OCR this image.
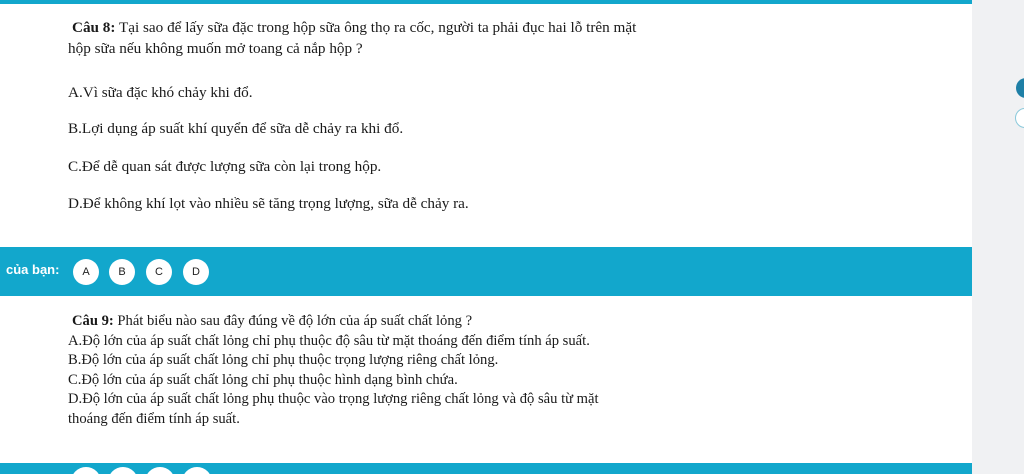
Câu 8: Tại sao để lấy sữa đặc trong hộp sữa ông thọ ra cốc, người ta phải đục hai lỗ trên mặt
hộp sữa nếu không muốn mở toang cả nắp hộp ?
A.Vì sữa đặc khó chảy khi đổ.
B.Lợi dụng áp suất khí quyển để sữa dễ chảy ra khi đổ.
C.Để dễ quan sát được lượng sữa còn lại trong hộp.
D.Để không khí lọt vào nhiều sẽ tăng trọng lượng, sữa dễ chảy ra.
của bạn:	A	B	C	D
Câu 9: Phát biểu nào sau đây đúng về độ lớn của áp suất chất lỏng ?
A.Độ lớn của áp suất chất lỏng chỉ phụ thuộc độ sâu từ mặt thoáng đến điểm tính áp suất.
B.Độ lớn của áp suất chất lỏng chỉ phụ thuộc trọng lượng riêng chất lỏng.
C.Độ lớn của áp suất chất lỏng chỉ phụ thuộc hình dạng bình chứa.
D.Độ lớn của áp suất chất lỏng phụ thuộc vào trọng lượng riêng chất lỏng và độ sâu từ mặt
thoáng đến điểm tính áp suất.
